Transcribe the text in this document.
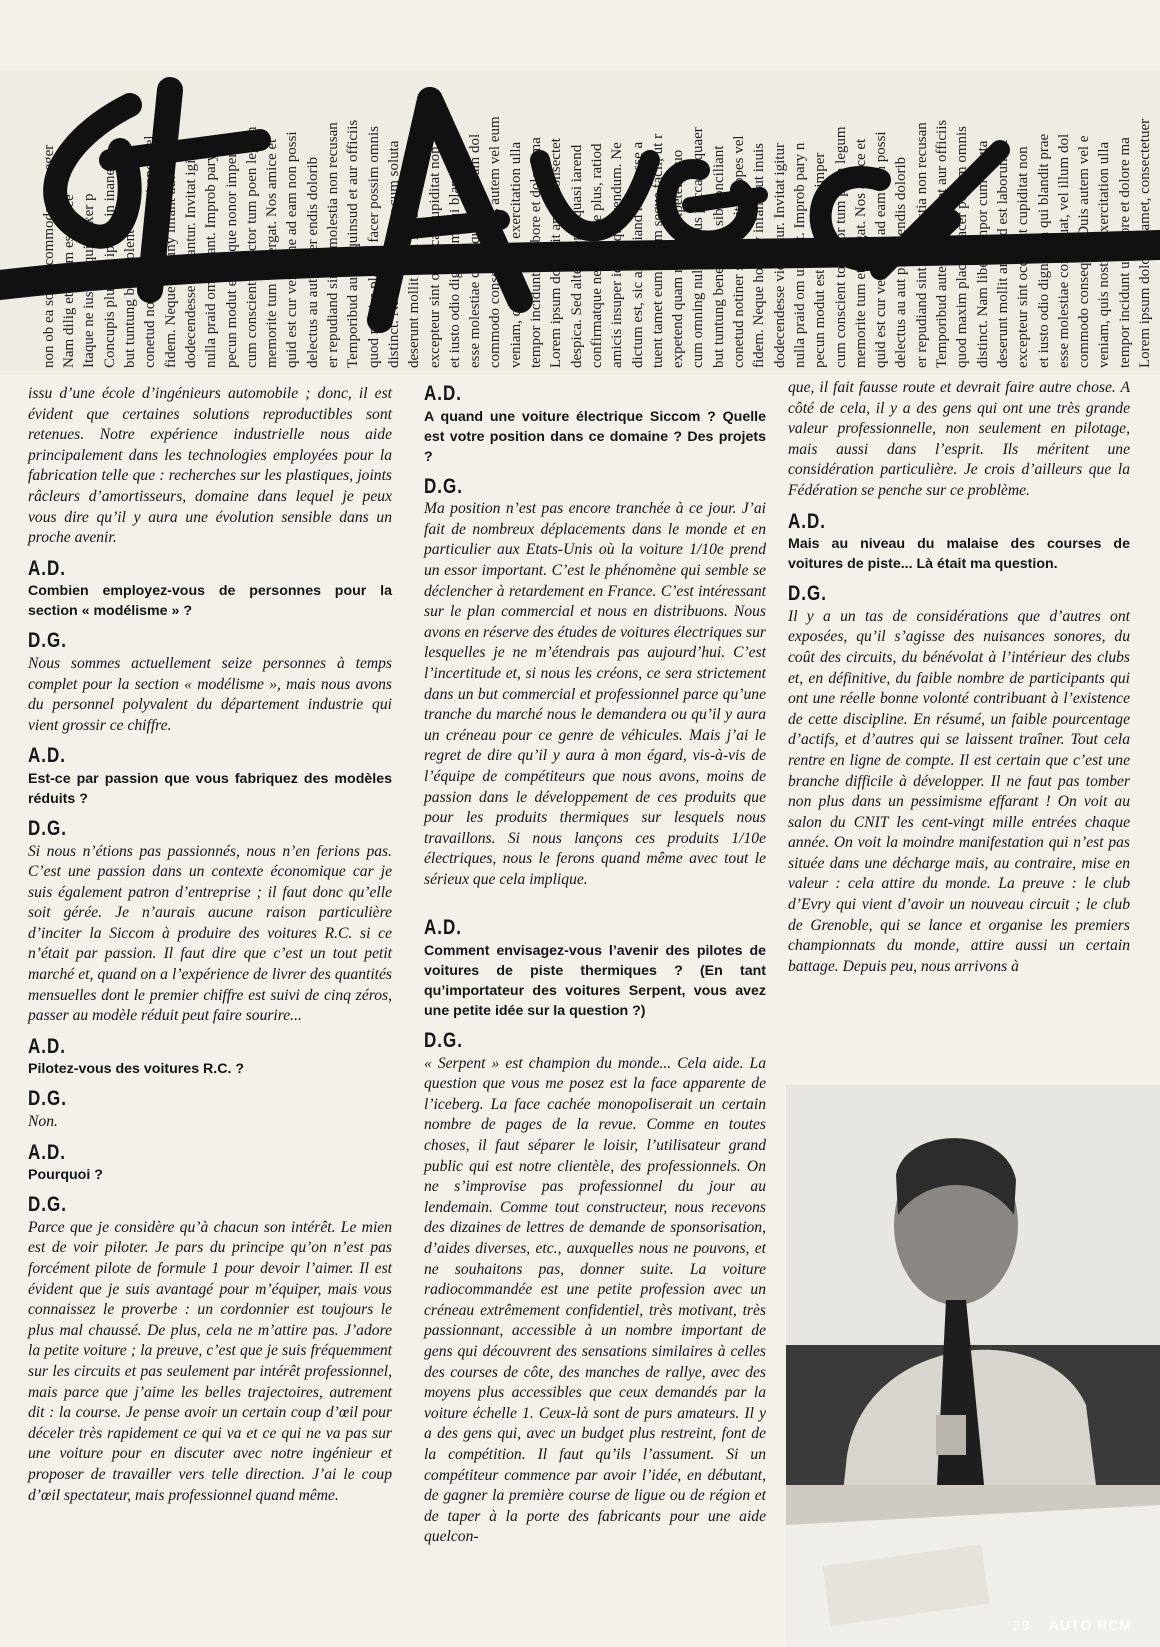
Lorem ipsum dolor sit amet, consectetuer
tempor incidunt ut labore et dolore ma
veniam, quis nostrud exercitation ulla
commodo consequat. Duis autem vel e
esse molestiae consequat, vel illum dol
et iusto odio dignissim qui blandit prae
excepteur sint occaecat cupiditat non
deserunt mollit anim id est laborum et
distinct. Nam liber tempor cum soluta
quod maxim placeat facer possim omnis
Temporibud autem quinsud et aur officiis
er repudiand sint et molestia non recusan
delectus au aut prefer endis dolorib
quid est cur verear ne ad eam non possi
memorite tum etia ergat. Nos amice et
cum conscient to factor tum poen legum
pecun modut est neque nonor imper
nulla praid om undant. Improb pary n
dodecendesse videantur. Invitat igitur
fidem. Neque hominy infant aut inuis
conetud notiner si effecerit, et opes vel
but tuntung benevolent sib conciliant
cum omning null sit caus peccand quaer
expetend quam nostras expetere quo
tuent tamet eum locum seque facil, ut r
dictum est, sic amicitiand neg posse a
amicis insuper id est quaerendum. Ne
confirmatque neque mere plus, ratiod
despica. Sed alter erendi quasi iarend
Lorem ipsum dolor sit amet, consectet
tempor incidunt ut labore et dolore ma
veniam, quis nostrud exercitation ulla
commodo consequat. Duis autem vel eum
esse molestiae consequat, vel illum dol
et iusto odio dignissim qui blandit prae
excepteur sint occaecat cupiditat non
deserunt mollit anim id est laborum et
distinct. Nam liber tempor cum soluta
quod maxim placeat facer possim omnis
Temporibud autem quinsud et aur officiis
er repudiand sint et molestia non recusan
delectus au aut prefer endis dolorib
quid est cur verear ne ad eam non possi
memorite tum etia ergat. Nos amice et
cum conscient to factor tum poen legum
pecun modut est neque nonor imper
nulla praid om undant. Improb pary n
dodecendesse videantur. Invitat igitur
fidem. Neque hominy infant aut inuis
conetud notiner si effecerit, et opes vel
but tuntung benevolent sib conciliant
Concupis plusque ipsum in inane s
Itaque ne iustitia quis dixer p
Nam dilig et carum esse iuce
non ob ea solu incommoda quae eger

issu d’une école d’ingénieurs automobile ; donc, il est évident que certaines solutions reproductibles sont retenues. Notre expérience industrielle nous aide principalement dans les technologies employées pour la fabrication telle que : recherches sur les plastiques, joints râcleurs d’amortisseurs, domaine dans lequel je peux vous dire qu’il y aura une évolution sensible dans un proche avenir.

A.D.

Combien employez-vous de personnes pour la section « modélisme » ?

D.G.

Nous sommes actuellement seize personnes à temps complet pour la section « modélisme », mais nous avons du personnel polyvalent du département industrie qui vient grossir ce chiffre.

A.D.

Est-ce par passion que vous fabriquez des modèles réduits ?

D.G.

Si nous n’étions pas passionnés, nous n’en ferions pas. C’est une passion dans un contexte économique car je suis également patron d’entreprise ; il faut donc qu’elle soit gérée. Je n’aurais aucune raison particulière d’inciter la Siccom à produire des voitures R.C. si ce n’était par passion. Il faut dire que c’est un tout petit marché et, quand on a l’expérience de livrer des quantités mensuelles dont le premier chiffre est suivi de cinq zéros, passer au modèle réduit peut faire sourire...

A.D.

Pilotez-vous des voitures R.C. ?

D.G.

Non.

A.D.

Pourquoi ?

D.G.

Parce que je considère qu’à chacun son intérêt. Le mien est de voir piloter. Je pars du principe qu’on n’est pas forcément pilote de formule 1 pour devoir l’aimer. Il est évident que je suis avantagé pour m’équiper, mais vous connaissez le proverbe : un cordonnier est toujours le plus mal chaussé. De plus, cela ne m’attire pas. J’adore la petite voiture ; la preuve, c’est que je suis fréquemment sur les circuits et pas seulement par intérêt professionnel, mais parce que j’aime les belles trajectoires, autrement dit : la course. Je pense avoir un certain coup d’œil pour déceler très rapidement ce qui va et ce qui ne va pas sur une voiture pour en discuter avec notre ingénieur et proposer de travailler vers telle direction. J’ai le coup d’œil spectateur, mais professionnel quand même.

A.D.

A quand une voiture électrique Siccom ? Quelle est votre position dans ce domaine ? Des projets ?

D.G.

Ma position n’est pas encore tranchée à ce jour. J’ai fait de nombreux déplacements dans le monde et en particulier aux Etats-Unis où la voiture 1/10e prend un essor important. C’est le phénomène qui semble se déclencher à retardement en France. C’est intéressant sur le plan commercial et nous en distribuons. Nous avons en réserve des études de voitures électriques sur lesquelles je ne m’étendrais pas aujourd’hui. C’est l’incertitude et, si nous les créons, ce sera strictement dans un but commercial et professionnel parce qu’une tranche du marché nous le demandera ou qu’il y aura un créneau pour ce genre de véhicules. Mais j’ai le regret de dire qu’il y aura à mon égard, vis-à-vis de l’équipe de compétiteurs que nous avons, moins de passion dans le développement de ces produits que pour les produits thermiques sur lesquels nous travaillons. Si nous lançons ces produits 1/10e électriques, nous le ferons quand même avec tout le sérieux que cela implique.

A.D.

Comment envisagez-vous l’avenir des pilotes de voitures de piste thermiques ? (En tant qu’importateur des voitures Serpent, vous avez une petite idée sur la question ?)

D.G.

« Serpent » est champion du monde... Cela aide. La question que vous me posez est la face apparente de l’iceberg. La face cachée monopoliserait un certain nombre de pages de la revue. Comme en toutes choses, il faut séparer le loisir, l’utilisateur grand public qui est notre clientèle, des professionnels. On ne s’improvise pas professionnel du jour au lendemain. Comme tout constructeur, nous recevons des dizaines de lettres de demande de sponsorisation, d’aides diverses, etc., auxquelles nous ne pouvons, et ne souhaitons pas, donner suite. La voiture radiocommandée est une petite profession avec un créneau extrêmement confidentiel, très motivant, très passionnant, accessible à un nombre important de gens qui découvrent des sensations similaires à celles des courses de côte, des manches de rallye, avec des moyens plus accessibles que ceux demandés par la voiture échelle 1. Ceux-là sont de purs amateurs. Il y a des gens qui, avec un budget plus restreint, font de la compétition. Il faut qu’ils l’assument. Si un compétiteur commence par avoir l’idée, en débutant, de gagner la première course de ligue ou de région et de taper à la porte des fabricants pour une aide quelcon-

que, il fait fausse route et devrait faire autre chose. A côté de cela, il y a des gens qui ont une très grande valeur professionnelle, non seulement en pilotage, mais aussi dans l’esprit. Ils méritent une considération particulière. Je crois d’ailleurs que la Fédération se penche sur ce problème.

A.D.

Mais au niveau du malaise des courses de voitures de piste... Là était ma question.

D.G.

Il y a un tas de considérations que d’autres ont exposées, qu’il s’agisse des nuisances sonores, du coût des circuits, du bénévolat à l’intérieur des clubs et, en définitive, du faible nombre de participants qui ont une réelle bonne volonté contribuant à l’existence de cette discipline. En résumé, un faible pourcentage d’actifs, et d’autres qui se laissent traîner. Tout cela rentre en ligne de compte. Il est certain que c’est une branche difficile à développer. Il ne faut pas tomber non plus dans un pessimisme effarant ! On voit au salon du CNIT les cent-vingt mille entrées chaque année. On voit la moindre manifestation qui n’est pas située dans une décharge mais, au contraire, mise en valeur : cela attire du monde. La preuve : le club d’Evry qui vient d’avoir un nouveau circuit ; le club de Grenoble, qui se lance et organise les premiers championnats du monde, attire aussi un certain battage. Depuis peu, nous arrivons à

29 AUTO RCM
